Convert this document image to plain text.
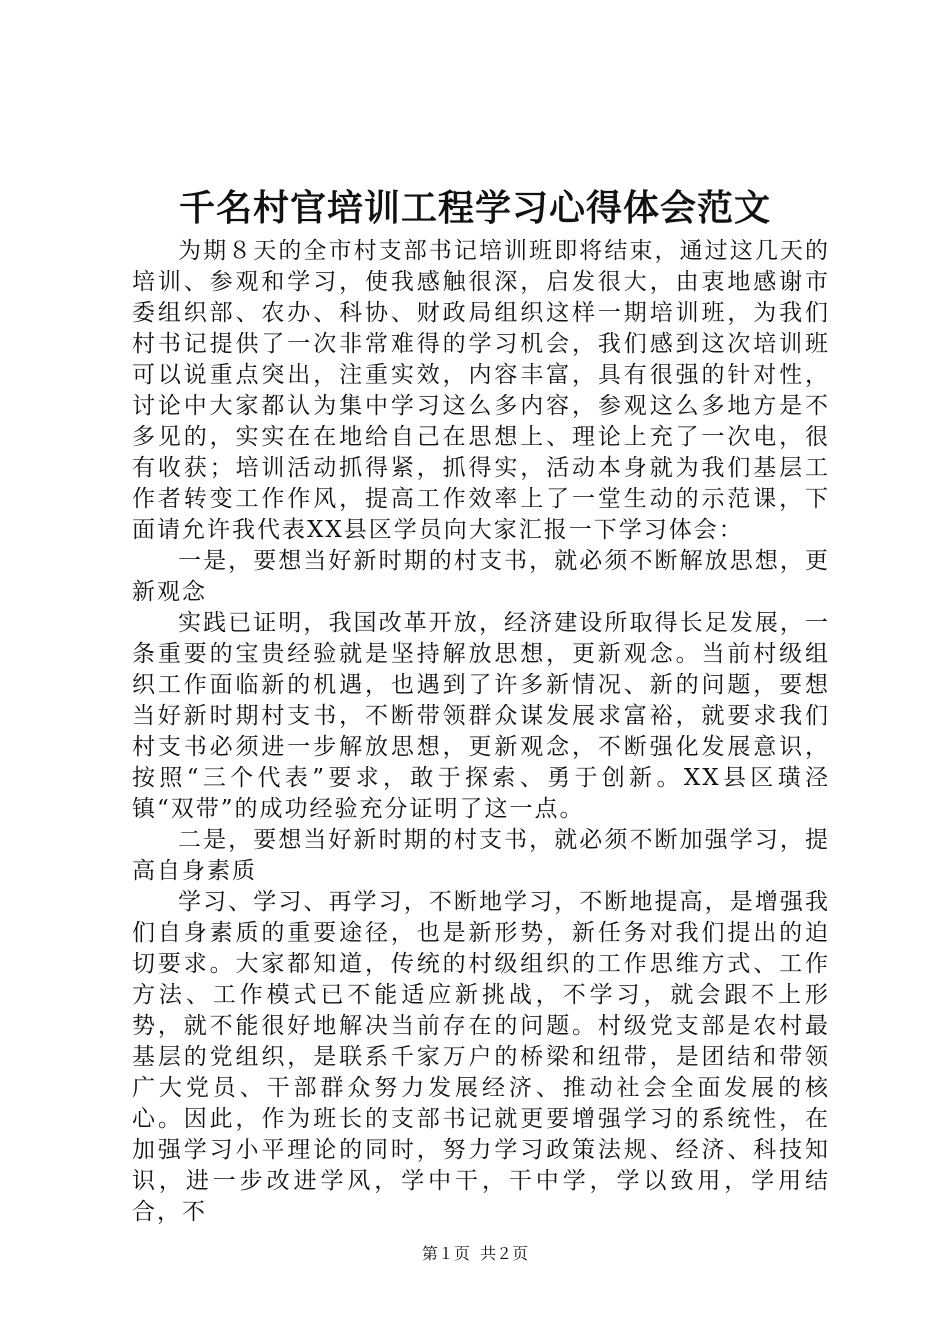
千名村官培训工程学习心得体会范文

为期８天的全市村支部书记培训班即将结束，通过这几天的培训、参观和学习，使我感触很深，启发很大，由衷地感谢市委组织部、农办、科协、财政局组织这样一期培训班，为我们村书记提供了一次非常难得的学习机会，我们感到这次培训班可以说重点突出，注重实效，内容丰富，具有很强的针对性，讨论中大家都认为集中学习这么多内容，参观这么多地方是不多见的，实实在在地给自己在思想上、理论上充了一次电，很有收获；培训活动抓得紧，抓得实，活动本身就为我们基层工作者转变工作作风，提高工作效率上了一堂生动的示范课，下面请允许我代表XX县区学员向大家汇报一下学习体会：

一是，要想当好新时期的村支书，就必须不断解放思想，更新观念

实践已证明，我国改革开放，经济建设所取得长足发展，一条重要的宝贵经验就是坚持解放思想，更新观念。当前村级组织工作面临新的机遇，也遇到了许多新情况、新的问题，要想当好新时期村支书，不断带领群众谋发展求富裕，就要求我们村支书必须进一步解放思想，更新观念，不断强化发展意识，按照“三个代表”要求，敢于探索、勇于创新。XX县区璜泾镇“双带”的成功经验充分证明了这一点。

二是，要想当好新时期的村支书，就必须不断加强学习，提高自身素质

学习、学习、再学习，不断地学习，不断地提高，是增强我们自身素质的重要途径，也是新形势，新任务对我们提出的迫切要求。大家都知道，传统的村级组织的工作思维方式、工作方法、工作模式已不能适应新挑战，不学习，就会跟不上形势，就不能很好地解决当前存在的问题。村级党支部是农村最基层的党组织，是联系千家万户的桥梁和纽带，是团结和带领广大党员、干部群众努力发展经济、推动社会全面发展的核心。因此，作为班长的支部书记就更要增强学习的系统性，在加强学习小平理论的同时，努力学习政策法规、经济、科技知识，进一步改进学风，学中干，干中学，学以致用，学用结合，不

第１页  共２页
